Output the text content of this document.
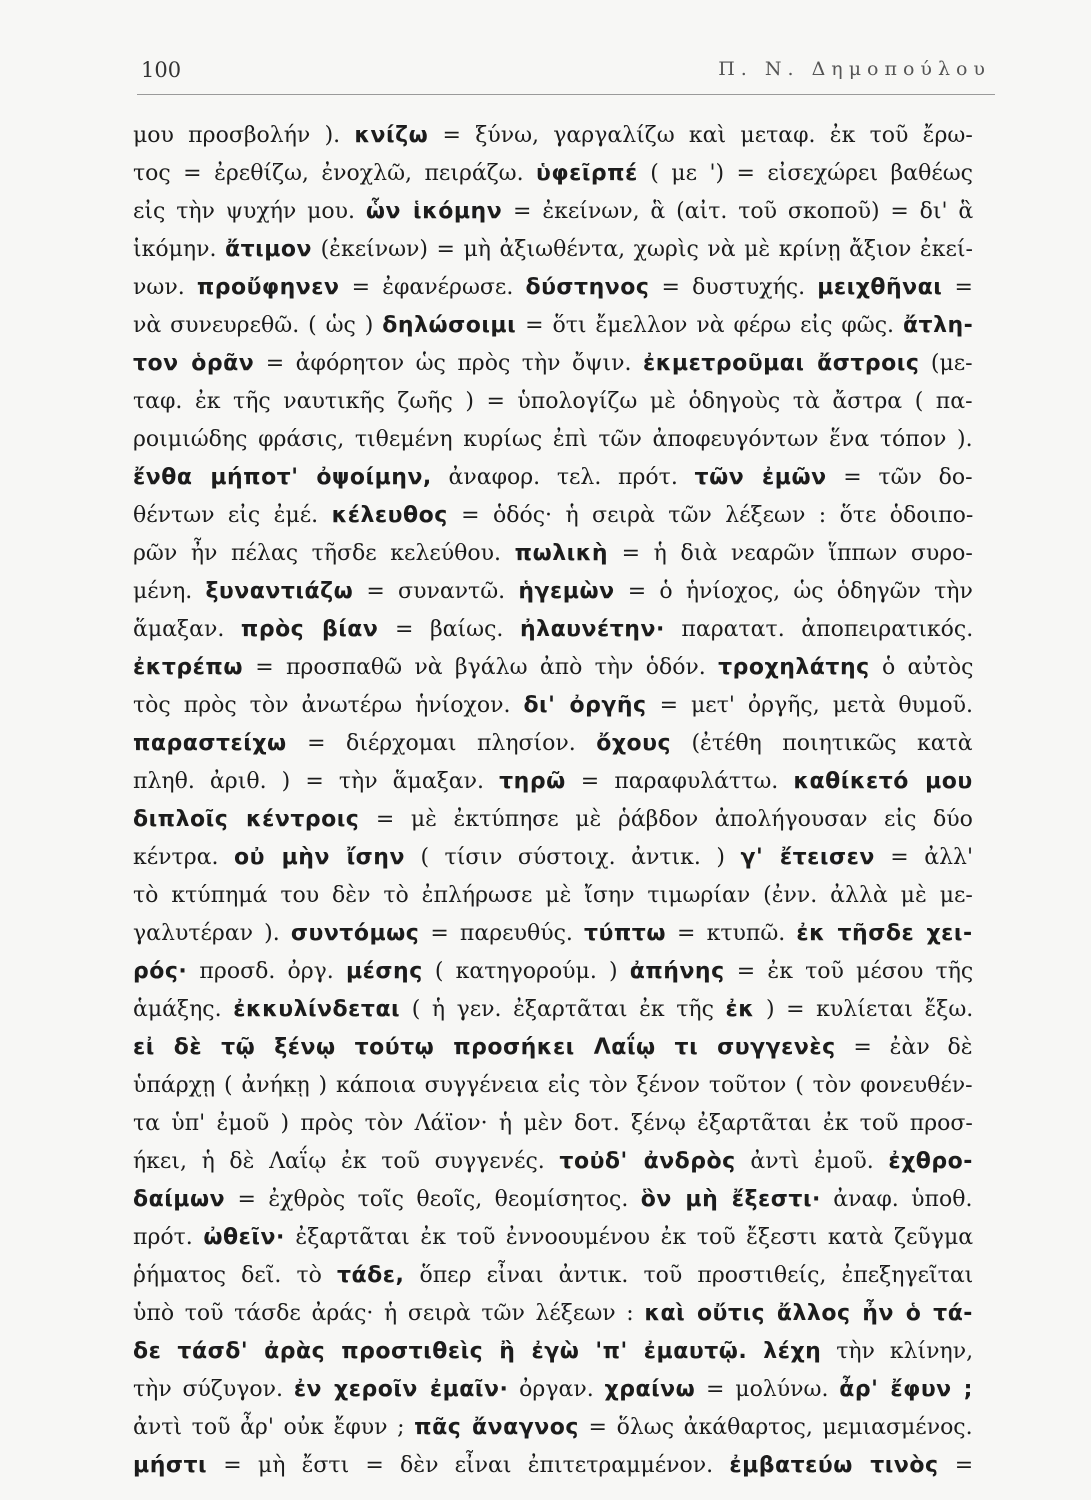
100	Π. Ν. Δημοπούλου
μου προσβολήν ). κνίζω = ξύνω, γαργαλίζω καὶ μεταφ. ἐκ τοῦ ἔρω-
τος = ἐρεθίζω, ἐνοχλῶ, πειράζω. ὑφεῖρπέ ( με ') = εἰσεχώρει βαθέως
εἰς τὴν ψυχήν μου. ὧν ἱκόμην = ἐκείνων, ἃ (αἰτ. τοῦ σκοποῦ) = δι' ἃ
ἱκόμην. ἄτιμον (ἐκείνων) = μὴ ἀξιωθέντα, χωρὶς νὰ μὲ κρίνῃ ἄξιον ἐκεί-
νων. προὔφηνεν = ἐφανέρωσε. δύστηνος = δυστυχής. μειχθῆναι =
νὰ συνευρεθῶ. ( ὡς ) δηλώσοιμι = ὅτι ἔμελλον νὰ φέρω εἰς φῶς. ἄτλη-
τον ὁρᾶν = ἀφόρητον ὡς πρὸς τὴν ὄψιν. ἐκμετροῦμαι ἄστροις (με-
ταφ. ἐκ τῆς ναυτικῆς ζωῆς ) = ὑπολογίζω μὲ ὁδηγοὺς τὰ ἄστρα ( πα-
ροιμιώδης φράσις, τιθεμένη κυρίως ἐπὶ τῶν ἀποφευγόντων ἕνα τόπον ).
ἔνθα μήποτ' ὀψοίμην, ἀναφορ. τελ. πρότ. τῶν ἐμῶν = τῶν δο-
θέντων εἰς ἐμέ. κέλευθος = ὁδός· ἡ σειρὰ τῶν λέξεων : ὅτε ὁδοιπο-
ρῶν ἦν πέλας τῆσδε κελεύθου. πωλικὴ = ἡ διὰ νεαρῶν ἵππων συρο-
μένη. ξυναντιάζω = συναντῶ. ἡγεμὼν = ὁ ἡνίοχος, ὡς ὁδηγῶν τὴν
ἅμαξαν. πρὸς βίαν = βαίως. ἠλαυνέτην· παρατατ. ἀποπειρατικός.
ἐκτρέπω = προσπαθῶ νὰ βγάλω ἀπὸ τὴν ὁδόν. τροχηλάτης ὁ αὐτὸς
τὸς πρὸς τὸν ἀνωτέρω ἡνίοχον. δι' ὀργῆς = μετ' ὀργῆς, μετὰ θυμοῦ.
παραστείχω = διέρχομαι πλησίον. ὄχους (ἐτέθη ποιητικῶς κατὰ
πληθ. ἀριθ. ) = τὴν ἅμαξαν. τηρῶ = παραφυλάττω. καθίκετό μου
διπλοῖς κέντροις = μὲ ἐκτύπησε μὲ ῥάβδον ἀπολήγουσαν εἰς δύο
κέντρα. οὐ μὴν ἴσην ( τίσιν σύστοιχ. ἀντικ. ) γ' ἔτεισεν = ἀλλ'
τὸ κτύπημά του δὲν τὸ ἐπλήρωσε μὲ ἴσην τιμωρίαν (ἐνν. ἀλλὰ μὲ με-
γαλυτέραν ). συντόμως = παρευθύς. τύπτω = κτυπῶ. ἐκ τῆσδε χει-
ρός· προσδ. ὀργ. μέσης ( κατηγορούμ. ) ἀπήνης = ἐκ τοῦ μέσου τῆς
ἁμάξης. ἐκκυλίνδεται ( ἡ γεν. ἐξαρτᾶται ἐκ τῆς ἐκ ) = κυλίεται ἔξω.
εἰ δὲ τῷ ξένῳ τούτῳ προσήκει Λαΐῳ τι συγγενὲς = ἐὰν δὲ
ὑπάρχῃ ( ἀνήκῃ ) κάποια συγγένεια εἰς τὸν ξένον τοῦτον ( τὸν φονευθέν-
τα ὑπ' ἐμοῦ ) πρὸς τὸν Λάϊον· ἡ μὲν δοτ. ξένῳ ἐξαρτᾶται ἐκ τοῦ προσ-
ήκει, ἡ δὲ Λαΐῳ ἐκ τοῦ συγγενές. τοὐδ' ἀνδρὸς ἀντὶ ἐμοῦ. ἐχθρο-
δαίμων = ἐχθρὸς τοῖς θεοῖς, θεομίσητος. ὃν μὴ ἔξεστι· ἀναφ. ὑποθ.
πρότ. ὠθεῖν· ἐξαρτᾶται ἐκ τοῦ ἐννοουμένου ἐκ τοῦ ἔξεστι κατὰ ζεῦγμα
ῥήματος δεῖ. τὸ τάδε, ὅπερ εἶναι ἀντικ. τοῦ προστιθείς, ἐπεξηγεῖται
ὑπὸ τοῦ τάσδε ἀράς· ἡ σειρὰ τῶν λέξεων : καὶ οὔτις ἄλλος ἦν ὁ τά-
δε τάσδ' ἀρὰς προστιθεὶς ἢ ἐγὼ 'π' ἐμαυτῷ. λέχη τὴν κλίνην,
τὴν σύζυγον. ἐν χεροῖν ἐμαῖν· ὀργαν. χραίνω = μολύνω. ἆρ' ἔφυν ;
ἀντὶ τοῦ ἆρ' οὐκ ἔφυν ; πᾶς ἄναγνος = ὅλως ἀκάθαρτος, μεμιασμένος.
μήστι = μὴ ἔστι = δὲν εἶναι ἐπιτετραμμένον. ἐμβατεύω τινὸς =
